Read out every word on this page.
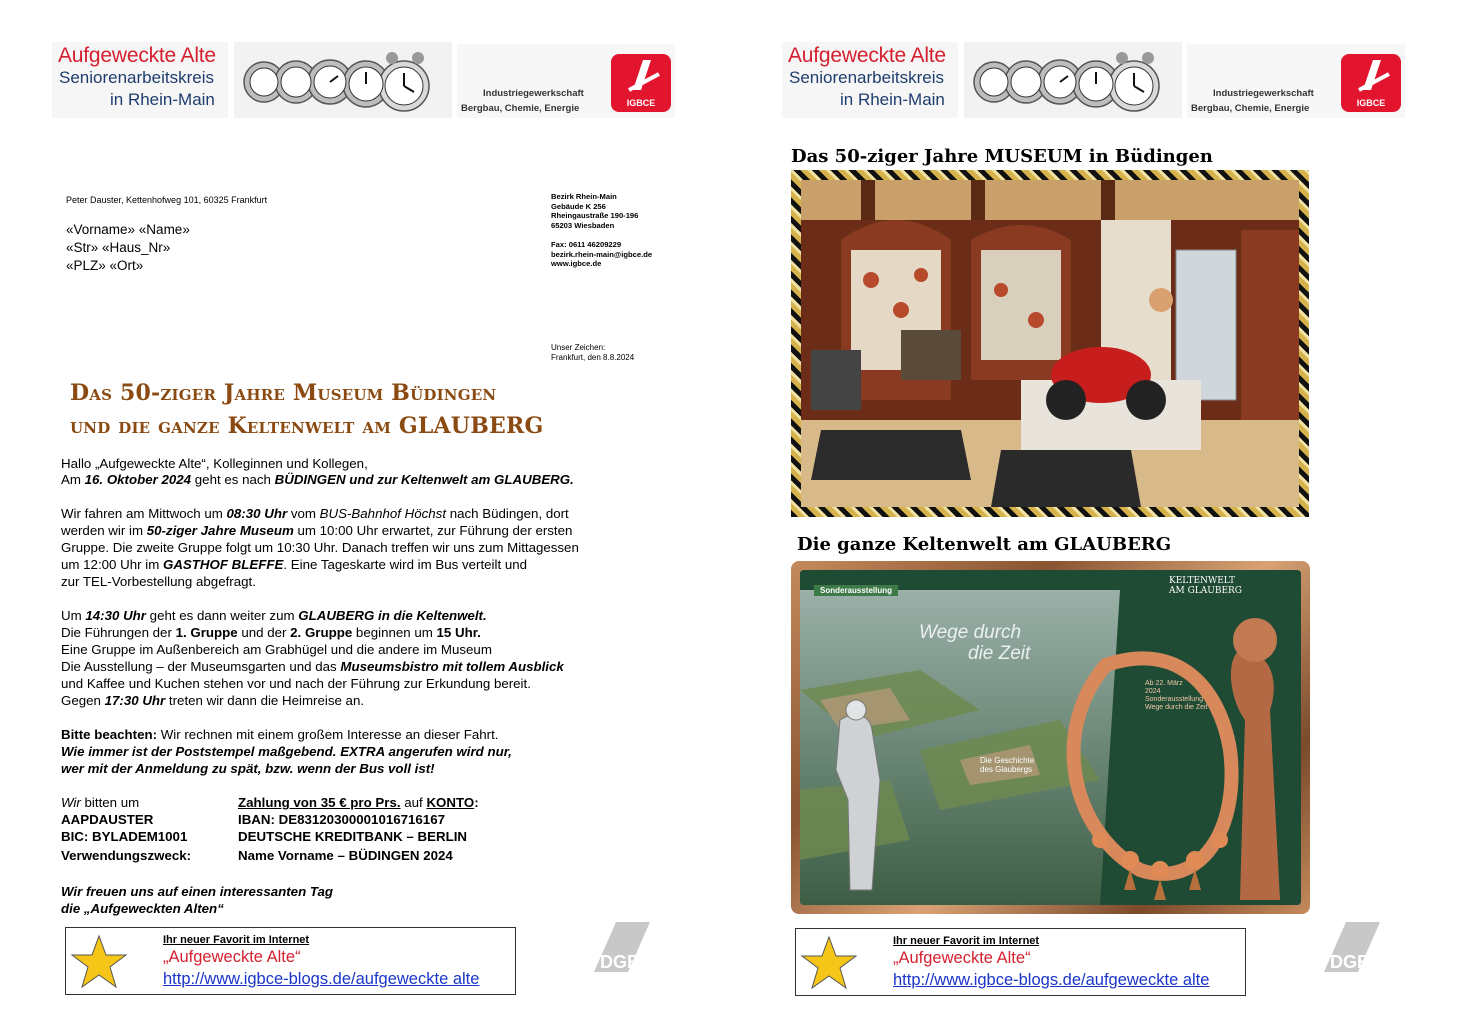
Aufgeweckte Alte
Seniorenarbeitskreis
in Rhein-Main	Industriegewerkschaft
Bergbau, Chemie, Energie	IGBCE
Peter Dauster, Kettenhofweg 101, 60325 Frankfurt
«Vorname» «Name»
«Str» «Haus_Nr»
«PLZ» «Ort»
Bezirk Rhein-Main
Gebäude K 256
Rheingaustraße 190-196
65203 Wiesbaden
Fax: 0611 46209229
bezirk.rhein-main@igbce.de
www.igbce.de
Unser Zeichen:
Frankfurt, den 8.8.2024
Das 50-ziger Jahre Museum Büdingen
und die ganze Keltenwelt am GLAUBERG
Hallo „Aufgeweckte Alte“, Kolleginnen und Kollegen,
Am 16. Oktober 2024 geht es nach BÜDINGEN und zur Keltenwelt am GLAUBERG.
Wir fahren am Mittwoch um 08:30 Uhr vom BUS-Bahnhof Höchst nach Büdingen, dort
werden wir im 50-ziger Jahre Museum um 10:00 Uhr erwartet, zur Führung der ersten
Gruppe. Die zweite Gruppe folgt um 10:30 Uhr. Danach treffen wir uns zum Mittagessen
um 12:00 Uhr im GASTHOF BLEFFE. Eine Tageskarte wird im Bus verteilt und
zur TEL-Vorbestellung abgefragt.
Um 14:30 Uhr geht es dann weiter zum GLAUBERG in die Keltenwelt.
Die Führungen der 1. Gruppe und der 2. Gruppe beginnen um 15 Uhr.
Eine Gruppe im Außenbereich am Grabhügel und die andere im Museum
Die Ausstellung – der Museumsgarten und das Museumsbistro mit tollem Ausblick
und Kaffee und Kuchen stehen vor und nach der Führung zur Erkundung bereit.
Gegen 17:30 Uhr treten wir dann die Heimreise an.
Bitte beachten: Wir rechnen mit einem großem Interesse an dieser Fahrt.
Wie immer ist der Poststempel maßgebend. EXTRA angerufen wird nur,
wer mit der Anmeldung zu spät, bzw. wenn der Bus voll ist!
Wir bitten um	Zahlung von 35 € pro Prs. auf KONTO:
AAPDAUSTER	IBAN: DE83120300001016716167
BIC: BYLADEM1001	DEUTSCHE KREDITBANK – BERLIN
Verwendungszweck:	Name Vorname – BÜDINGEN 2024
Wir freuen uns auf einen interessanten Tag
die „Aufgeweckten Alten“
Ihr neuer Favorit im Internet
„Aufgeweckte Alte“
http://www.igbce-blogs.de/aufgeweckte alte
DGB
Aufgeweckte Alte
Seniorenarbeitskreis
in Rhein-Main	Industriegewerkschaft
Bergbau, Chemie, Energie	IGBCE
Das 50-ziger Jahre MUSEUM in Büdingen
Die ganze Keltenwelt am GLAUBERG
Sonderausstellung
KELTENWELT
AM GLAUBERG
Wege durch
die Zeit
Ab 22. März
2024
Sonderausstellung
Wege durch die Zeit
Die Geschichte
des Glaubergs
Ihr neuer Favorit im Internet
„Aufgeweckte Alte“
http://www.igbce-blogs.de/aufgeweckte alte
DGB
